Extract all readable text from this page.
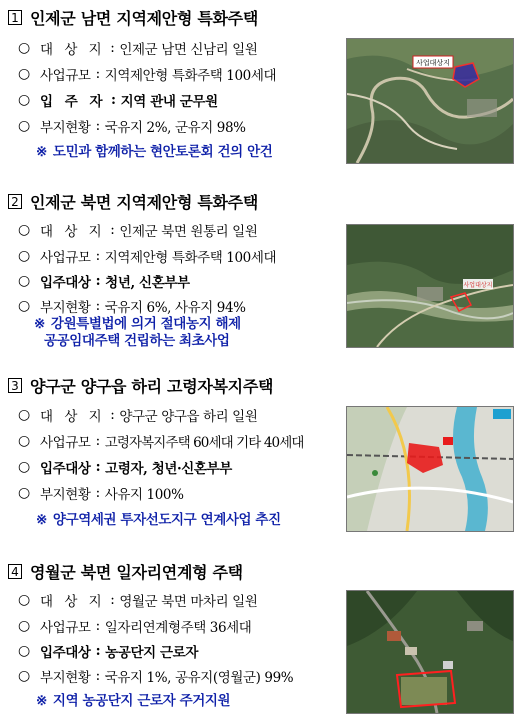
1 인제군 남면 지역제안형 특화주택
○ 대 상 지 : 인제군 남면 신남리 일원
○ 사업규모 : 지역제안형 특화주택 100세대
○ 입 주 자 : 지역 관내 군무원
○ 부지현황 : 국유지 2%, 군유지 98%
※ 도민과 함께하는 현안토론회 건의 안건
사업대상지
2 인제군 북면 지역제안형 특화주택
○ 대 상 지 : 인제군 북면 원통리 일원
○ 사업규모 : 지역제안형 특화주택 100세대
○ 입주대상 : 청년, 신혼부부
○ 부지현황 : 국유지 6%, 사유지 94%
※ 강원특별법에 의거 절대농지 해제
공공임대주택 건립하는 최초사업
사업대상지
3 양구군 양구읍 하리 고령자복지주택
○ 대 상 지 : 양구군 양구읍 하리 일원
○ 사업규모 : 고령자복지주택 60세대 기타 40세대
○ 입주대상 : 고령자, 청년·신혼부부
○ 부지현황 : 사유지 100%
※ 양구역세권 투자선도지구 연계사업 추진
4 영월군 북면 일자리연계형 주택
○ 대 상 지 : 영월군 북면 마차리 일원
○ 사업규모 : 일자리연계형주택 36세대
○ 입주대상 : 농공단지 근로자
○ 부지현황 : 국유지 1%, 공유지(영월군) 99%
※ 지역 농공단지 근로자 주거지원
